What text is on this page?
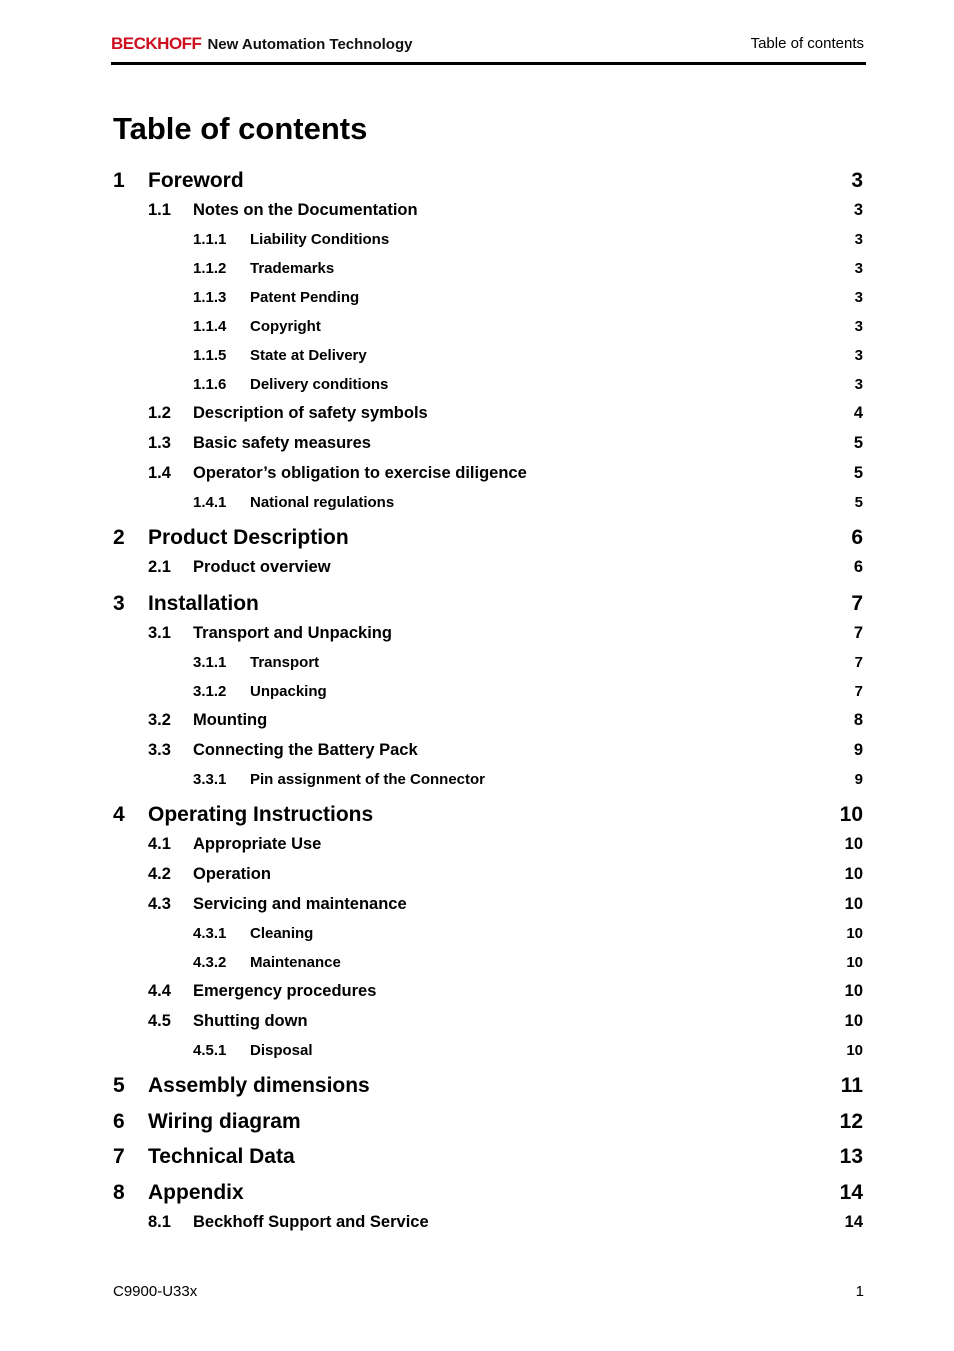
BECKHOFF New Automation Technology	Table of contents
Table of contents
1 Foreword	3
1.1 Notes on the Documentation	3
1.1.1 Liability Conditions	3
1.1.2 Trademarks	3
1.1.3 Patent Pending	3
1.1.4 Copyright	3
1.1.5 State at Delivery	3
1.1.6 Delivery conditions	3
1.2 Description of safety symbols	4
1.3 Basic safety measures	5
1.4 Operator’s obligation to exercise diligence	5
1.4.1 National regulations	5
2 Product Description	6
2.1 Product overview	6
3 Installation	7
3.1 Transport and Unpacking	7
3.1.1 Transport	7
3.1.2 Unpacking	7
3.2 Mounting	8
3.3 Connecting the Battery Pack	9
3.3.1 Pin assignment of the Connector	9
4 Operating Instructions	10
4.1 Appropriate Use	10
4.2 Operation	10
4.3 Servicing and maintenance	10
4.3.1 Cleaning	10
4.3.2 Maintenance	10
4.4 Emergency procedures	10
4.5 Shutting down	10
4.5.1 Disposal	10
5 Assembly dimensions	11
6 Wiring diagram	12
7 Technical Data	13
8 Appendix	14
8.1 Beckhoff Support and Service	14
C9900-U33x	1
